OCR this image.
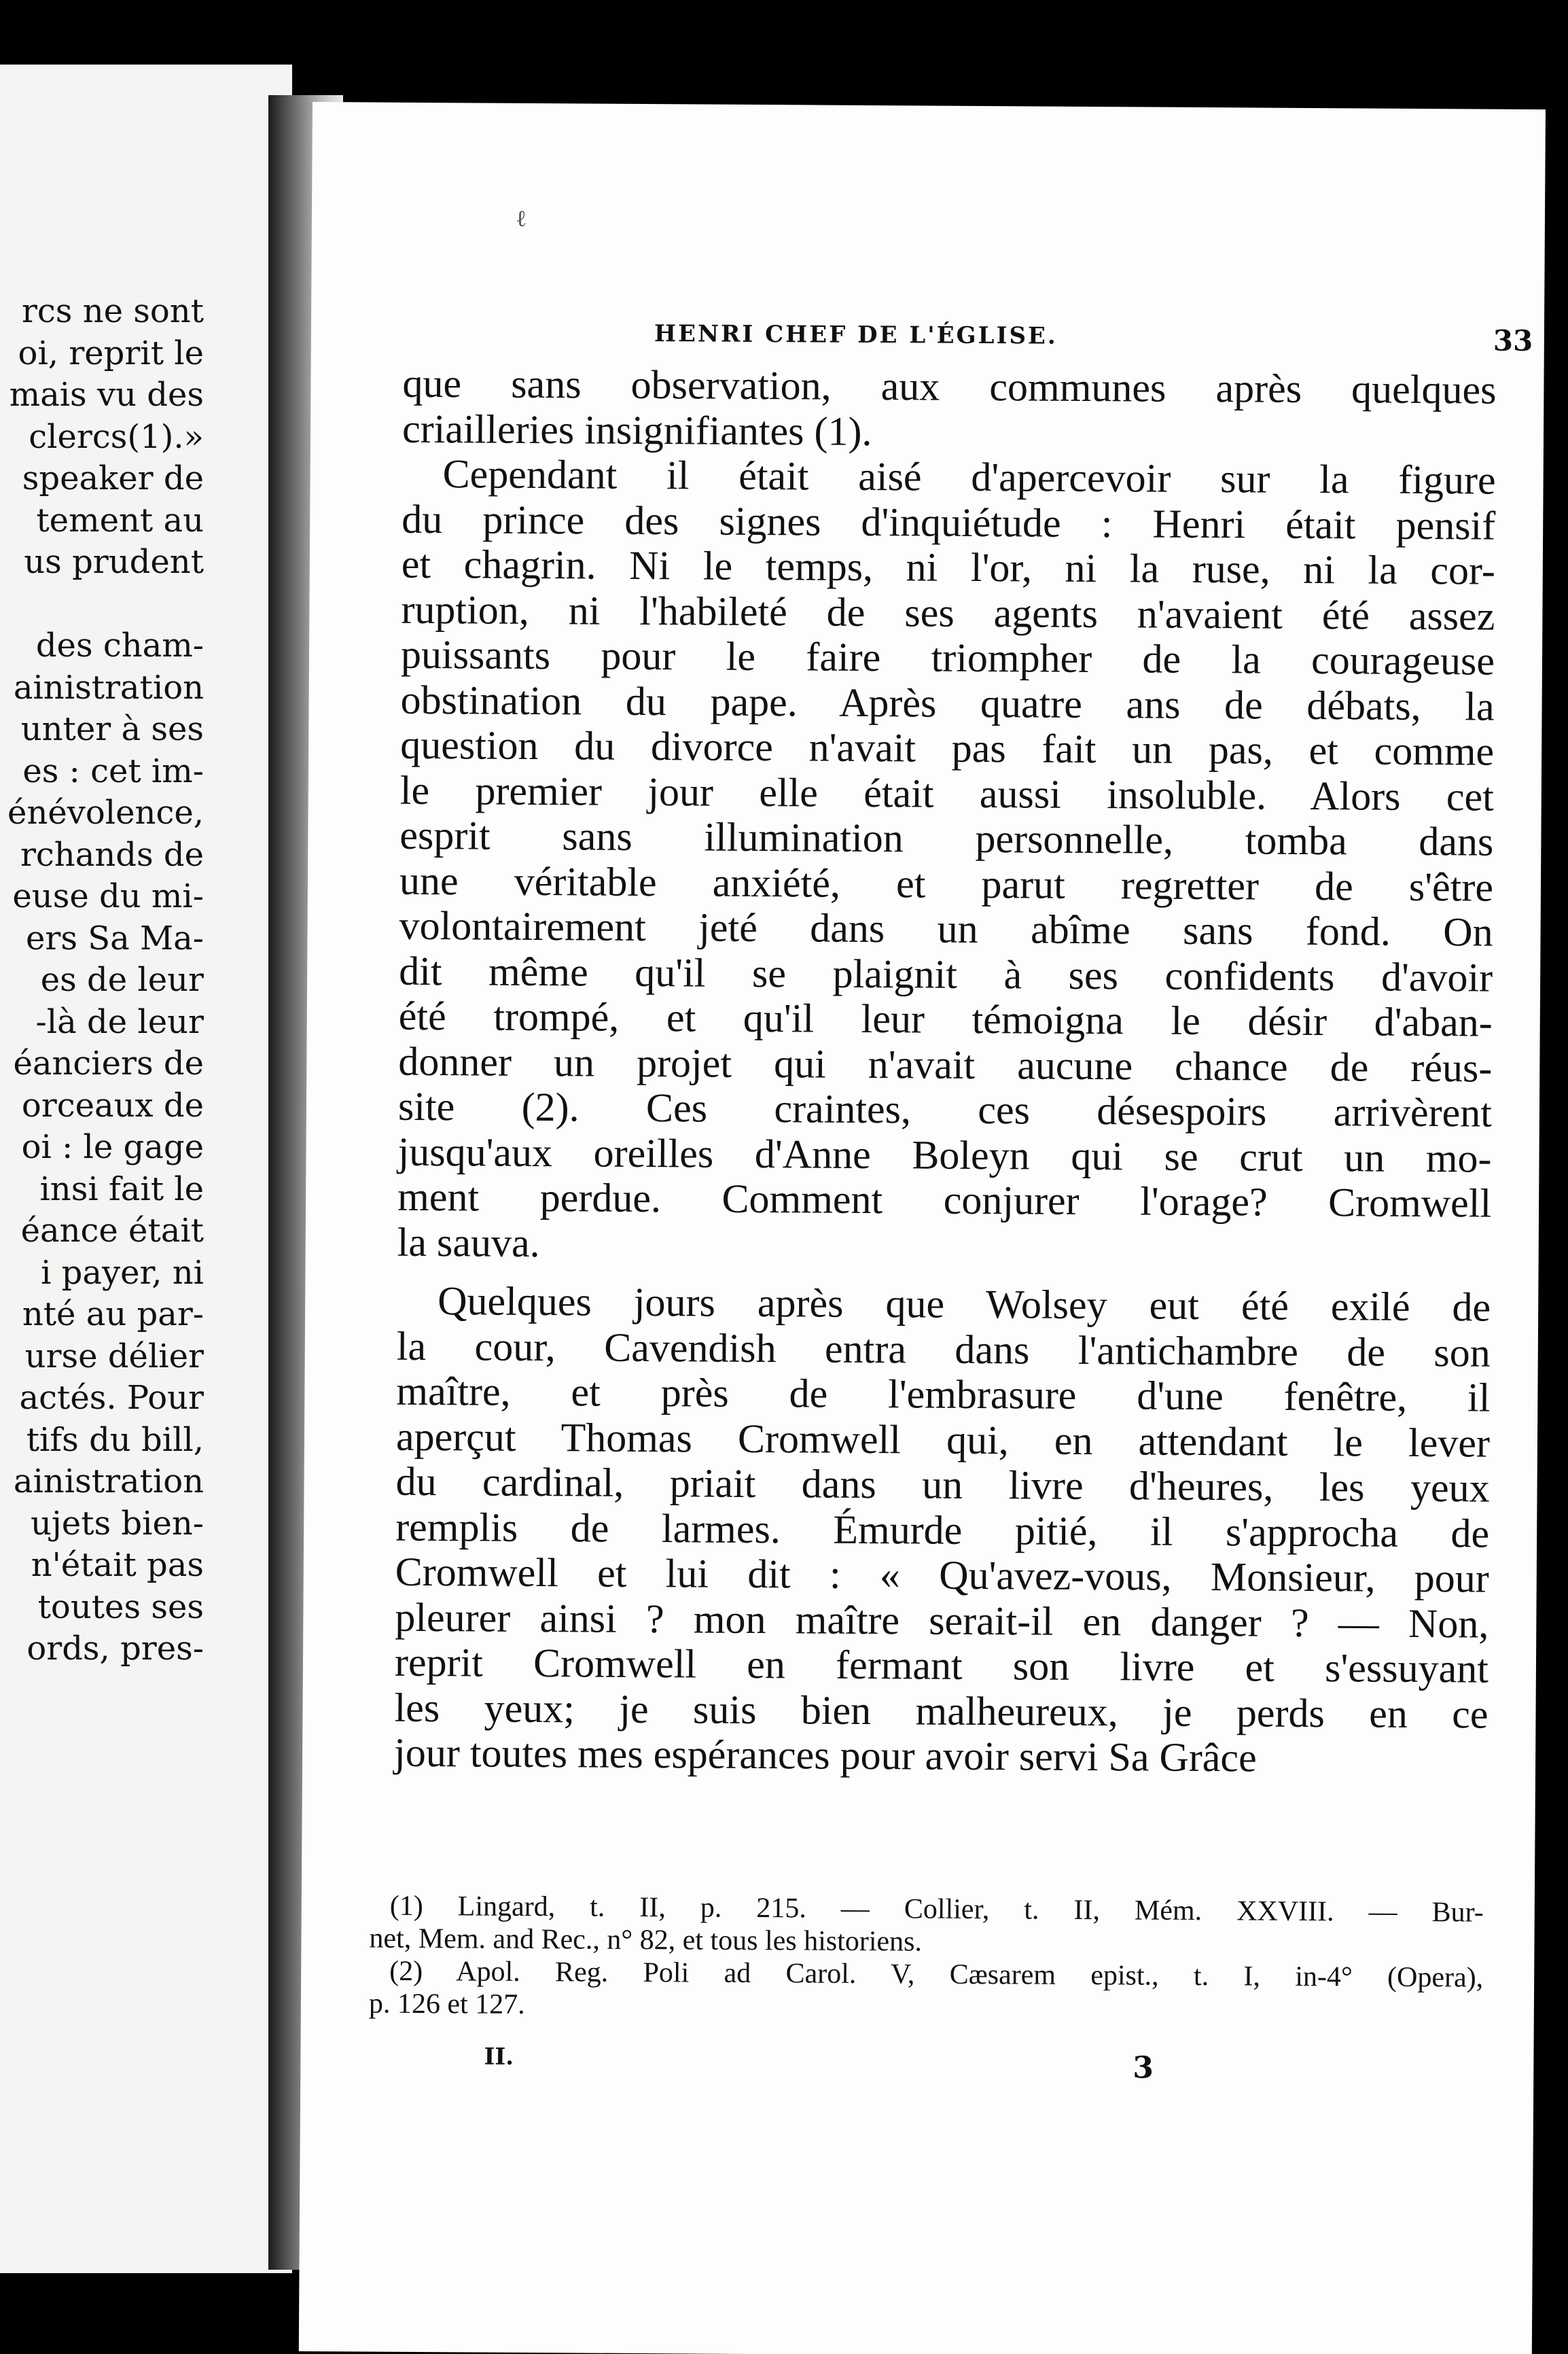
rcs ne sont
oi, reprit le
mais vu des
clercs(1).»
speaker de
tement au
us prudent
des cham-
ainistration
unter à ses
es : cet im-
énévolence,
rchands de
euse du mi-
ers Sa Ma-
es de leur
-là de leur
éanciers de
orceaux de
oi : le gage
insi fait le
éance était
i payer, ni
nté au par-
urse délier
actés. Pour
tifs du bill,
ainistration
ujets bien-
n'était pas
toutes ses
ords, pres-
ℓ
HENRI CHEF DE L'ÉGLISE.	33
que sans observation, aux communes après quelques
criailleries insignifiantes (1).
Cependant il était aisé d'apercevoir sur la figure
du prince des signes d'inquiétude : Henri était pensif
et chagrin. Ni le temps, ni l'or, ni la ruse, ni la cor-
ruption, ni l'habileté de ses agents n'avaient été assez
puissants pour le faire triompher de la courageuse
obstination du pape. Après quatre ans de débats, la
question du divorce n'avait pas fait un pas, et comme
le premier jour elle était aussi insoluble. Alors cet
esprit sans illumination personnelle, tomba dans
une véritable anxiété, et parut regretter de s'être
volontairement jeté dans un abîme sans fond. On
dit même qu'il se plaignit à ses confidents d'avoir
été trompé, et qu'il leur témoigna le désir d'aban-
donner un projet qui n'avait aucune chance de réus-
site (2). Ces craintes, ces désespoirs arrivèrent
jusqu'aux oreilles d'Anne Boleyn qui se crut un mo-
ment perdue. Comment conjurer l'orage? Cromwell
la sauva.
Quelques jours après que Wolsey eut été exilé de
la cour, Cavendish entra dans l'antichambre de son
maître, et près de l'embrasure d'une fenêtre, il
aperçut Thomas Cromwell qui, en attendant le lever
du cardinal, priait dans un livre d'heures, les yeux
remplis de larmes. Émurde pitié, il s'approcha de
Cromwell et lui dit : « Qu'avez-vous, Monsieur, pour
pleurer ainsi ? mon maître serait-il en danger ? — Non,
reprit Cromwell en fermant son livre et s'essuyant
les yeux; je suis bien malheureux, je perds en ce
jour toutes mes espérances pour avoir servi Sa Grâce
(1) Lingard, t. II, p. 215. — Collier, t. II, Mém. XXVIII. — Bur-
net, Mem. and Rec., n° 82, et tous les historiens.
(2) Apol. Reg. Poli ad Carol. V, Cæsarem epist., t. I, in-4° (Opera),
p. 126 et 127.
II.	3
